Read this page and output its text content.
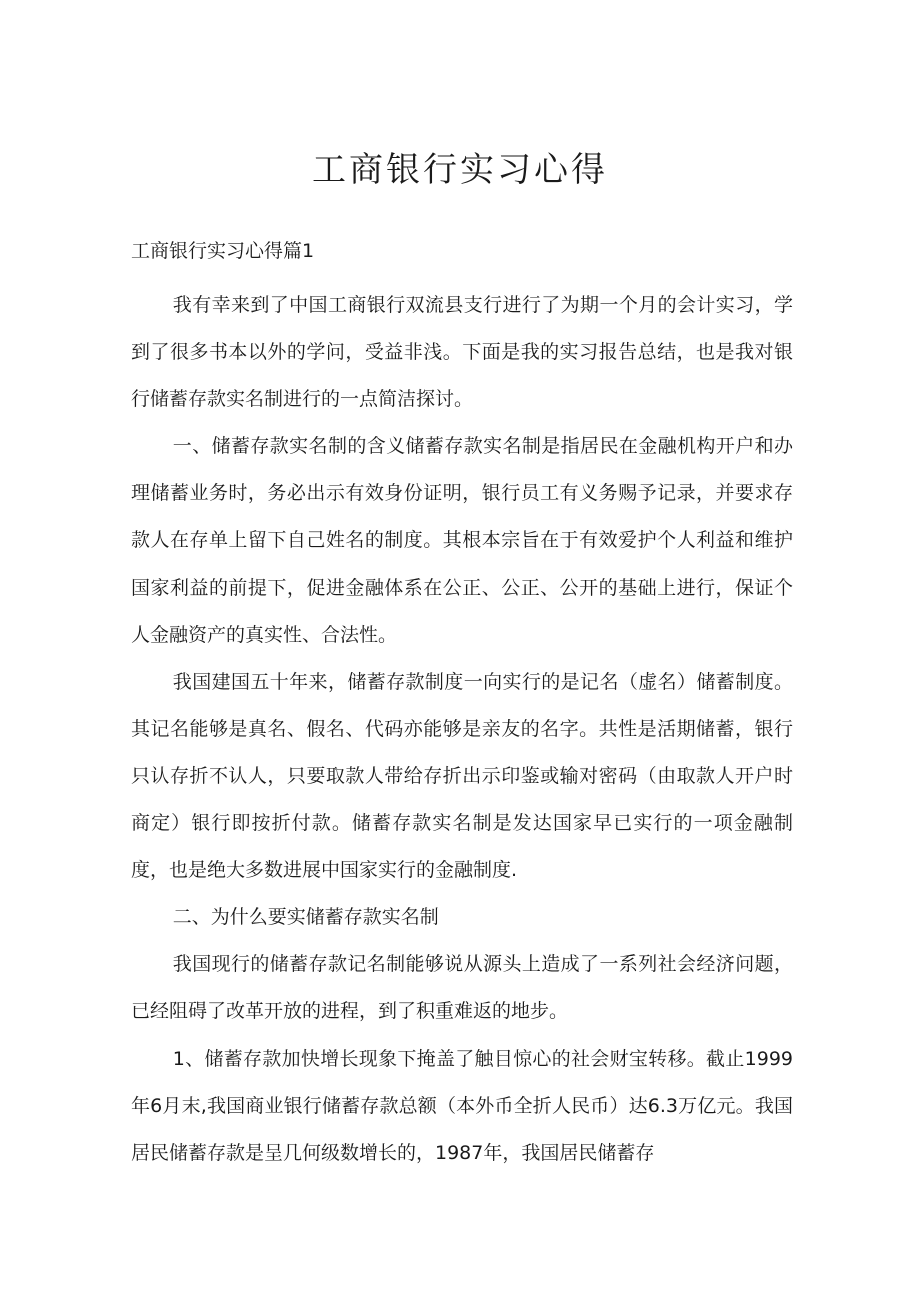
工商银行实习心得

工商银行实习心得篇1

我有幸来到了中国工商银行双流县支行进行了为期一个月的会计实习，学到了很多书本以外的学问，受益非浅。下面是我的实习报告总结，也是我对银行储蓄存款实名制进行的一点简洁探讨。

一、储蓄存款实名制的含义储蓄存款实名制是指居民在金融机构开户和办理储蓄业务时，务必出示有效身份证明，银行员工有义务赐予记录，并要求存款人在存单上留下自己姓名的制度。其根本宗旨在于有效爱护个人利益和维护国家利益的前提下，促进金融体系在公正、公正、公开的基础上进行，保证个人金融资产的真实性、合法性。

我国建国五十年来，储蓄存款制度一向实行的是记名（虚名）储蓄制度。其记名能够是真名、假名、代码亦能够是亲友的名字。共性是活期储蓄，银行只认存折不认人，只要取款人带给存折出示印鉴或输对密码（由取款人开户时商定）银行即按折付款。储蓄存款实名制是发达国家早已实行的一项金融制度，也是绝大多数进展中国家实行的金融制度.

二、为什么要实储蓄存款实名制

我国现行的储蓄存款记名制能够说从源头上造成了一系列社会经济问题，已经阻碍了改革开放的进程，到了积重难返的地步。

1、储蓄存款加快增长现象下掩盖了触目惊心的社会财宝转移。截止1999年6月末,我国商业银行储蓄存款总额（本外币全折人民币）达6.3万亿元。我国居民储蓄存款是呈几何级数增长的，1987年，我国居民储蓄存
